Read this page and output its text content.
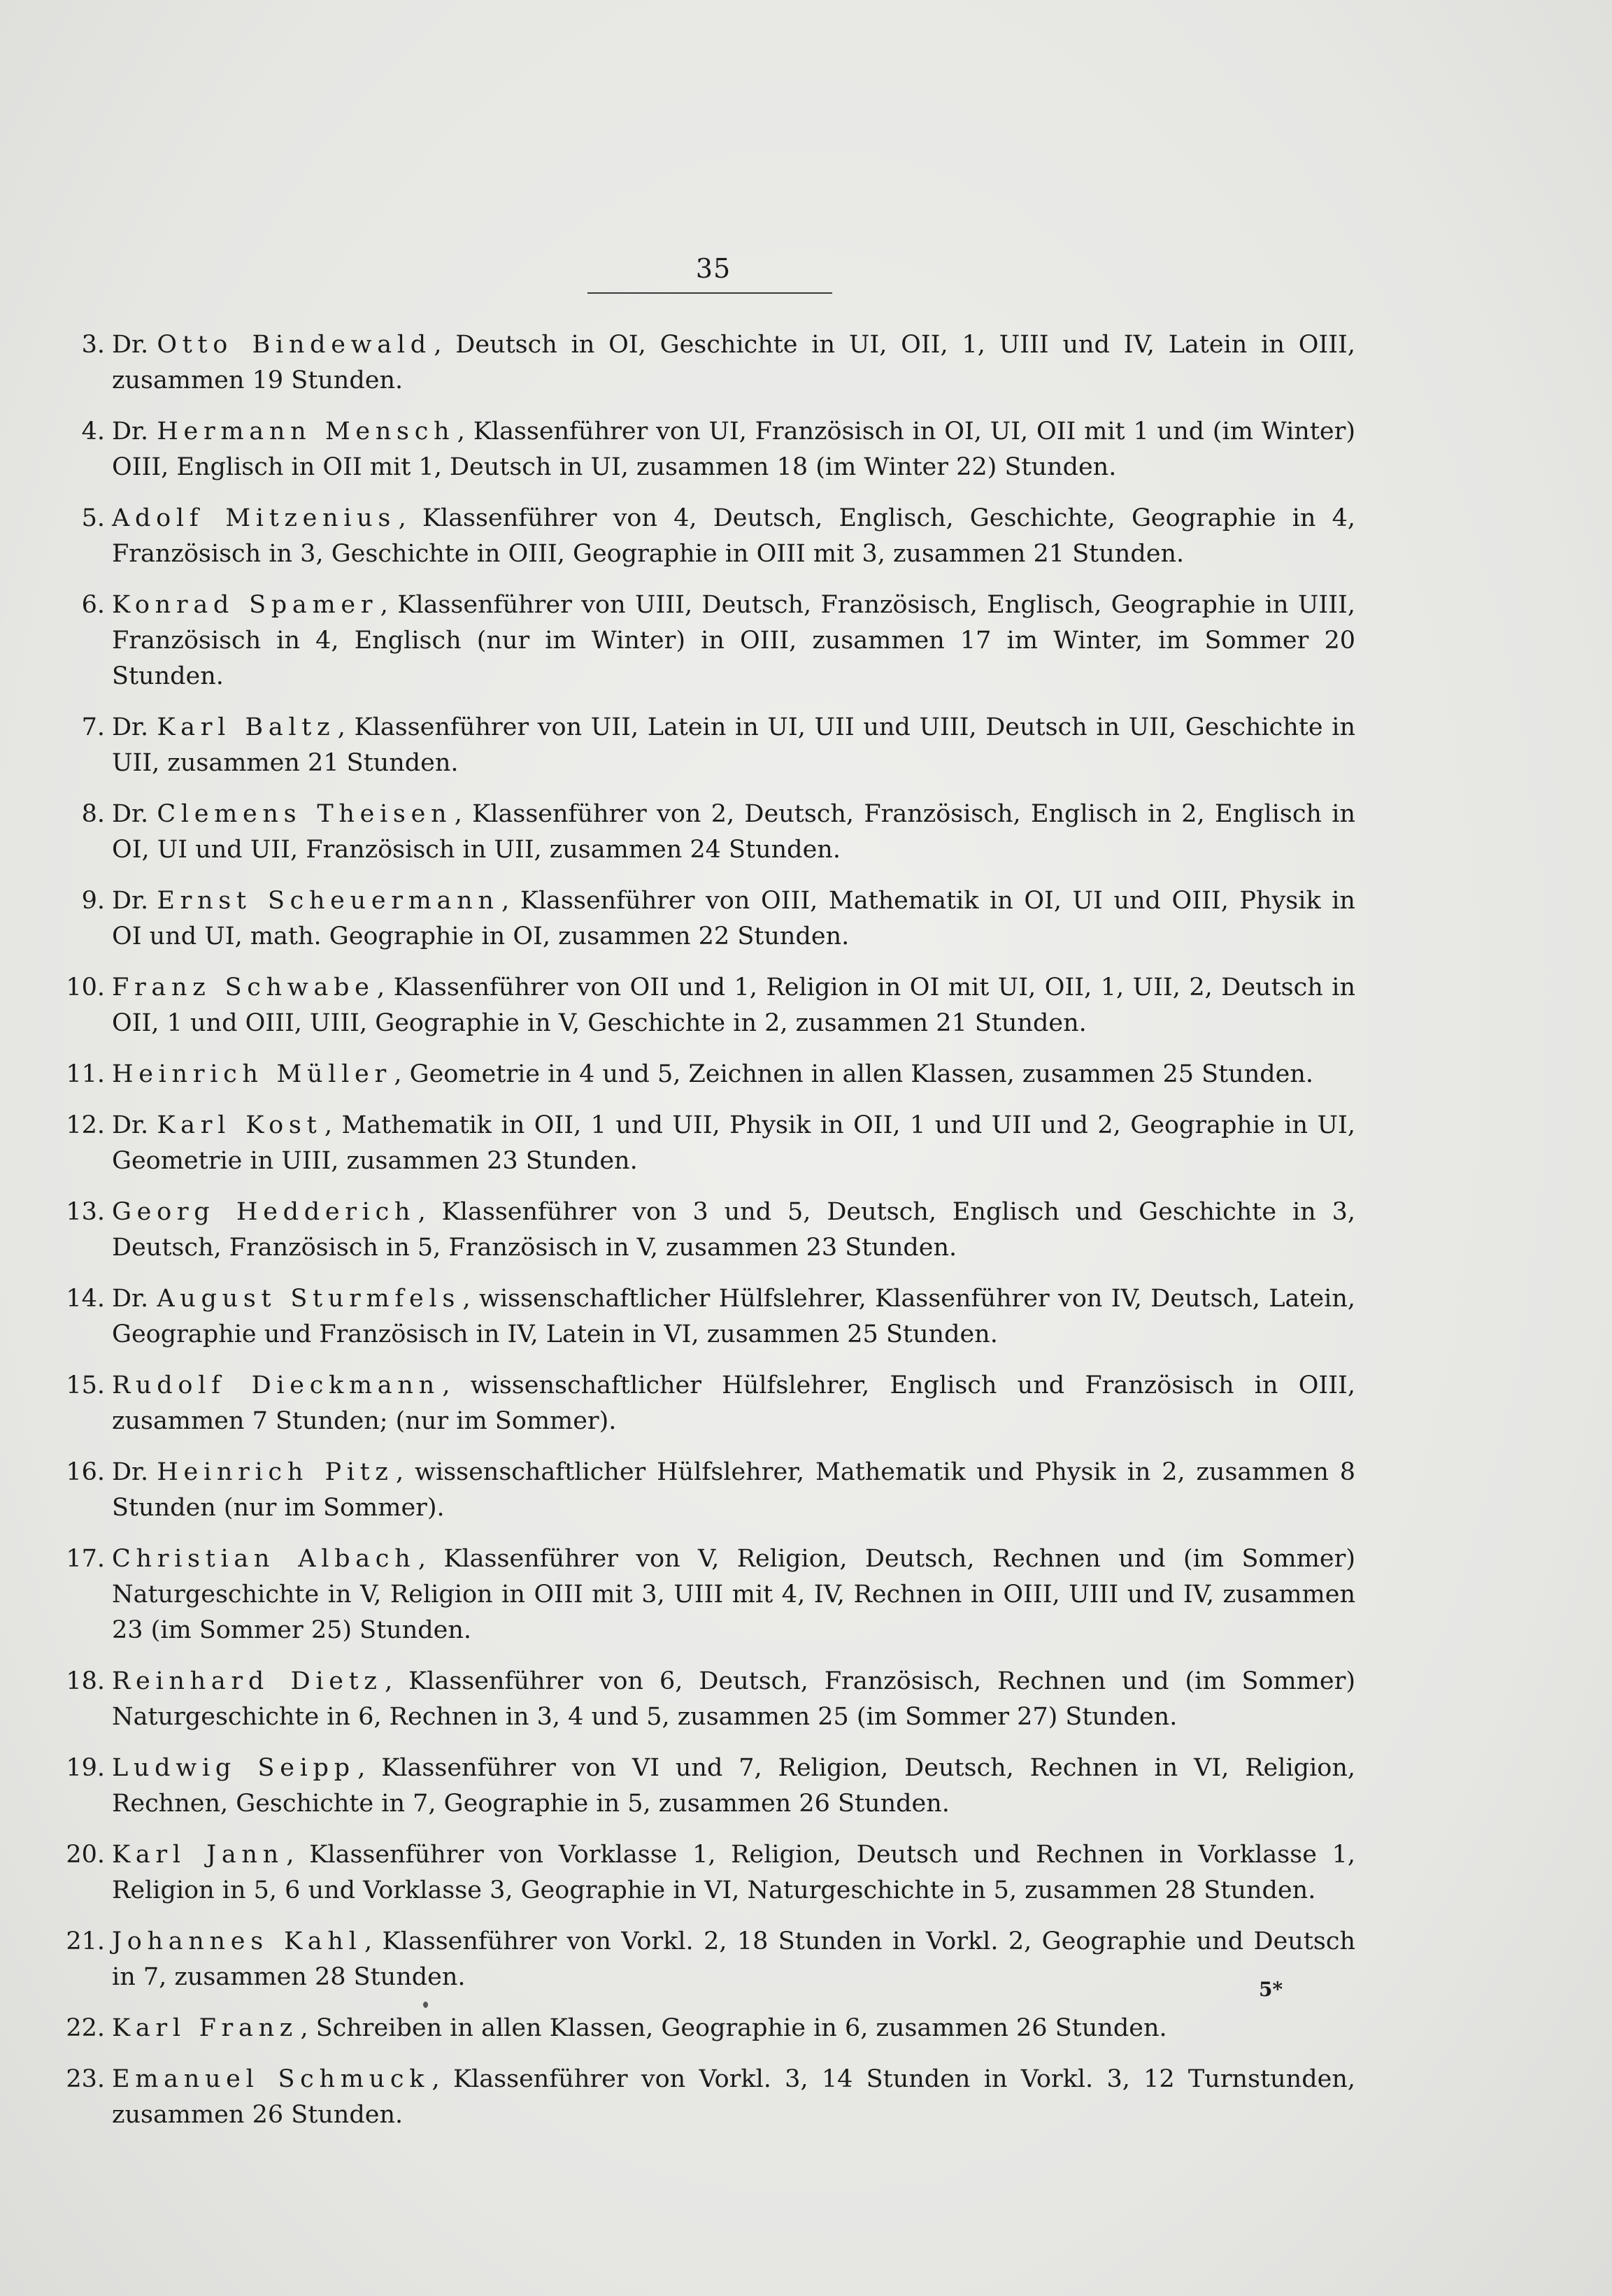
35
3. Dr. Otto Bindewald , Deutsch in OI, Geschichte in UI, OII, 1, UIII und IV, Latein in OIII, zusammen 19 Stunden.
4. Dr. Hermann Mensch , Klassenführer von UI, Französisch in OI, UI, OII mit 1 und (im Winter) OIII, Englisch in OII mit 1, Deutsch in UI, zusammen 18 (im Winter 22) Stunden.
5. Adolf Mitzenius , Klassenführer von 4, Deutsch, Englisch, Geschichte, Geographie in 4, Französisch in 3, Geschichte in OIII, Geographie in OIII mit 3, zusammen 21 Stunden.
6. Konrad Spamer , Klassenführer von UIII, Deutsch, Französisch, Englisch, Geographie in UIII, Französisch in 4, Englisch (nur im Winter) in OIII, zusammen 17 im Winter, im Sommer 20 Stunden.
7. Dr. Karl Baltz , Klassenführer von UII, Latein in UI, UII und UIII, Deutsch in UII, Geschichte in UII, zusammen 21 Stunden.
8. Dr. Clemens Theisen , Klassenführer von 2, Deutsch, Französisch, Englisch in 2, Englisch in OI, UI und UII, Französisch in UII, zusammen 24 Stunden.
9. Dr. Ernst Scheuermann , Klassenführer von OIII, Mathematik in OI, UI und OIII, Physik in OI und UI, math. Geographie in OI, zusammen 22 Stunden.
10. Franz Schwabe , Klassenführer von OII und 1, Religion in OI mit UI, OII, 1, UII, 2, Deutsch in OII, 1 und OIII, UIII, Geographie in V, Geschichte in 2, zusammen 21 Stunden.
11. Heinrich Müller , Geometrie in 4 und 5, Zeichnen in allen Klassen, zusammen 25 Stunden.
12. Dr. Karl Kost , Mathematik in OII, 1 und UII, Physik in OII, 1 und UII und 2, Geographie in UI, Geometrie in UIII, zusammen 23 Stunden.
13. Georg Hedderich , Klassenführer von 3 und 5, Deutsch, Englisch und Geschichte in 3, Deutsch, Französisch in 5, Französisch in V, zusammen 23 Stunden.
14. Dr. August Sturmfels , wissenschaftlicher Hülfslehrer, Klassenführer von IV, Deutsch, Latein, Geographie und Französisch in IV, Latein in VI, zusammen 25 Stunden.
15. Rudolf Dieckmann , wissenschaftlicher Hülfslehrer, Englisch und Französisch in OIII, zusammen 7 Stunden; (nur im Sommer).
16. Dr. Heinrich Pitz , wissenschaftlicher Hülfslehrer, Mathematik und Physik in 2, zusammen 8 Stunden (nur im Sommer).
17. Christian Albach , Klassenführer von V, Religion, Deutsch, Rechnen und (im Sommer) Naturgeschichte in V, Religion in OIII mit 3, UIII mit 4, IV, Rechnen in OIII, UIII und IV, zusammen 23 (im Sommer 25) Stunden.
18. Reinhard Dietz , Klassenführer von 6, Deutsch, Französisch, Rechnen und (im Sommer) Naturgeschichte in 6, Rechnen in 3, 4 und 5, zusammen 25 (im Sommer 27) Stunden.
19. Ludwig Seipp , Klassenführer von VI und 7, Religion, Deutsch, Rechnen in VI, Religion, Rechnen, Geschichte in 7, Geographie in 5, zusammen 26 Stunden.
20. Karl Jann , Klassenführer von Vorklasse 1, Religion, Deutsch und Rechnen in Vorklasse 1, Religion in 5, 6 und Vorklasse 3, Geographie in VI, Naturgeschichte in 5, zusammen 28 Stunden.
21. Johannes Kahl , Klassenführer von Vorkl. 2, 18 Stunden in Vorkl. 2, Geographie und Deutsch in 7, zusammen 28 Stunden.
22. Karl Franz , Schreiben in allen Klassen, Geographie in 6, zusammen 26 Stunden.
23. Emanuel Schmuck , Klassenführer von Vorkl. 3, 14 Stunden in Vorkl. 3, 12 Turnstunden, zusammen 26 Stunden.
5*
